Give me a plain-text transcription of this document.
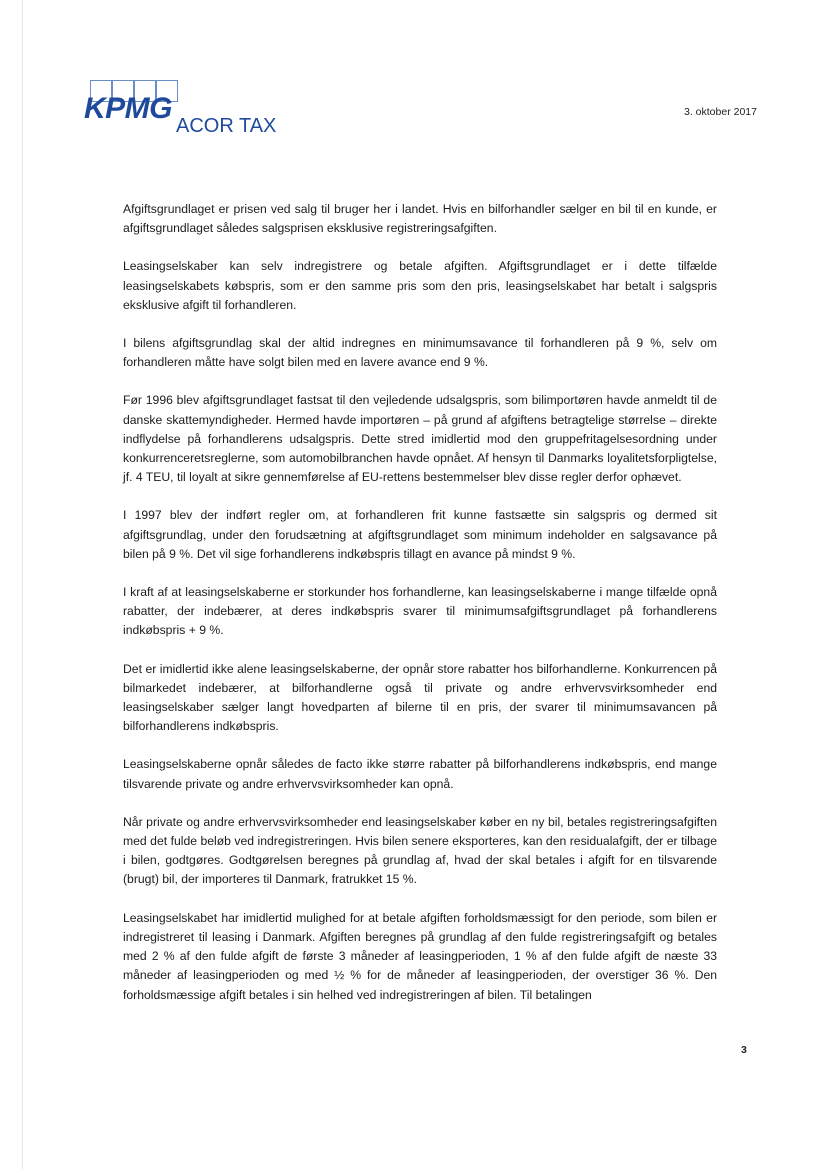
KPMG
ACOR TAX
3. oktober 2017

Afgiftsgrundlaget er prisen ved salg til bruger her i landet. Hvis en bilforhandler sælger en bil til en kunde, er afgiftsgrundlaget således salgsprisen eksklusive registreringsafgiften.

Leasingselskaber kan selv indregistrere og betale afgiften. Afgiftsgrundlaget er i dette tilfælde leasingselskabets købspris, som er den samme pris som den pris, leasingselskabet har betalt i salgspris eksklusive afgift til forhandleren.

I bilens afgiftsgrundlag skal der altid indregnes en minimumsavance til forhandleren på 9 %, selv om forhandleren måtte have solgt bilen med en lavere avance end 9 %.

Før 1996 blev afgiftsgrundlaget fastsat til den vejledende udsalgspris, som bilimportøren havde anmeldt til de danske skattemyndigheder. Hermed havde importøren – på grund af afgiftens betragtelige størrelse – direkte indflydelse på forhandlerens udsalgspris. Dette stred imidlertid mod den gruppefritagelsesordning under konkurrenceretsreglerne, som automobilbranchen havde opnået. Af hensyn til Danmarks loyalitetsforpligtelse, jf. 4 TEU, til loyalt at sikre gennemførelse af EU-rettens bestemmelser blev disse regler derfor ophævet.

I 1997 blev der indført regler om, at forhandleren frit kunne fastsætte sin salgspris og dermed sit afgiftsgrundlag, under den forudsætning at afgiftsgrundlaget som minimum indeholder en salgsavance på bilen på 9 %. Det vil sige forhandlerens indkøbspris tillagt en avance på mindst 9 %.

I kraft af at leasingselskaberne er storkunder hos forhandlerne, kan leasingselskaberne i mange tilfælde opnå rabatter, der indebærer, at deres indkøbspris svarer til minimumsafgiftsgrundlaget på forhandlerens indkøbspris + 9 %.

Det er imidlertid ikke alene leasingselskaberne, der opnår store rabatter hos bilforhandlerne. Konkurrencen på bilmarkedet indebærer, at bilforhandlerne også til private og andre erhvervsvirksomheder end leasingselskaber sælger langt hovedparten af bilerne til en pris, der svarer til minimumsavancen på bilforhandlerens indkøbspris.

Leasingselskaberne opnår således de facto ikke større rabatter på bilforhandlerens indkøbspris, end mange tilsvarende private og andre erhvervsvirksomheder kan opnå.

Når private og andre erhvervsvirksomheder end leasingselskaber køber en ny bil, betales registreringsafgiften med det fulde beløb ved indregistreringen. Hvis bilen senere eksporteres, kan den residualafgift, der er tilbage i bilen, godtgøres. Godtgørelsen beregnes på grundlag af, hvad der skal betales i afgift for en tilsvarende (brugt) bil, der importeres til Danmark, fratrukket 15 %.

Leasingselskabet har imidlertid mulighed for at betale afgiften forholdsmæssigt for den periode, som bilen er indregistreret til leasing i Danmark. Afgiften beregnes på grundlag af den fulde registreringsafgift og betales med 2 % af den fulde afgift de første 3 måneder af leasingperioden, 1 % af den fulde afgift de næste 33 måneder af leasingperioden og med ½ % for de måneder af leasingperioden, der overstiger 36 %. Den forholdsmæssige afgift betales i sin helhed ved indregistreringen af bilen. Til betalingen

3
